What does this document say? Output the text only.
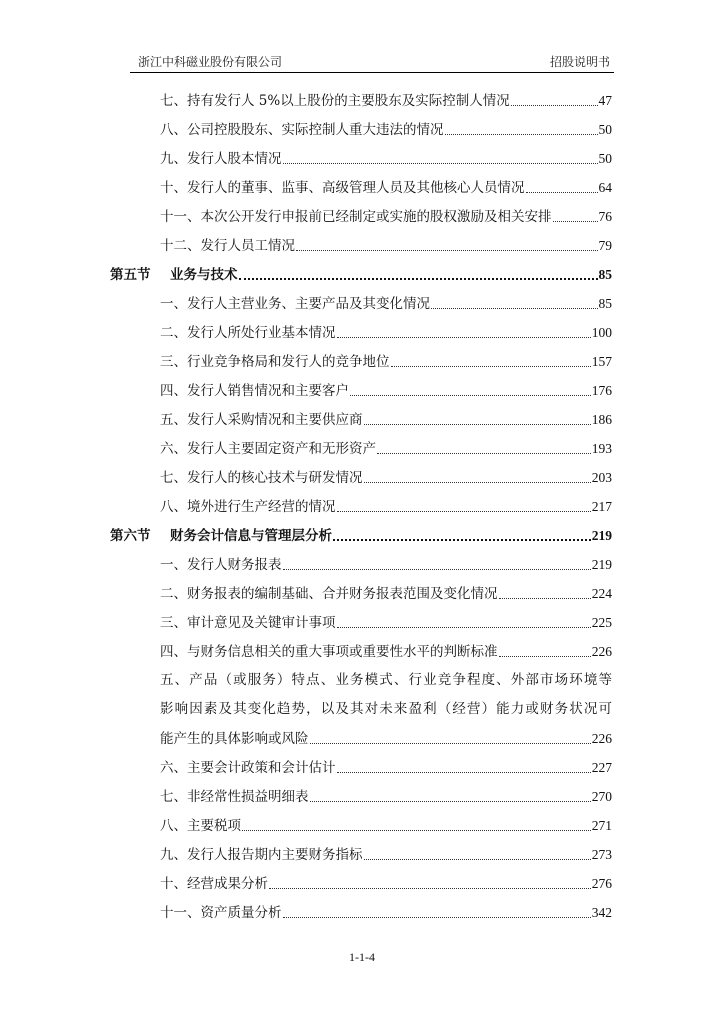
浙江中科磁业股份有限公司	招股说明书
七、持有发行人 5%以上股份的主要股东及实际控制人情况	47
八、公司控股股东、实际控制人重大违法的情况	50
九、发行人股本情况	50
十、发行人的董事、监事、高级管理人员及其他核心人员情况	64
十一、本次公开发行申报前已经制定或实施的股权激励及相关安排	76
十二、发行人员工情况	79
第五节	业务与技术	85
一、发行人主营业务、主要产品及其变化情况	85
二、发行人所处行业基本情况	100
三、行业竞争格局和发行人的竞争地位	157
四、发行人销售情况和主要客户	176
五、发行人采购情况和主要供应商	186
六、发行人主要固定资产和无形资产	193
七、发行人的核心技术与研发情况	203
八、境外进行生产经营的情况	217
第六节	财务会计信息与管理层分析	219
一、发行人财务报表	219
二、财务报表的编制基础、合并财务报表范围及变化情况	224
三、审计意见及关键审计事项	225
四、与财务信息相关的重大事项或重要性水平的判断标准	226
五、产品（或服务）特点、业务模式、行业竞争程度、外部市场环境等
影响因素及其变化趋势，以及其对未来盈利（经营）能力或财务状况可
能产生的具体影响或风险	226
六、主要会计政策和会计估计	227
七、非经常性损益明细表	270
八、主要税项	271
九、发行人报告期内主要财务指标	273
十、经营成果分析	276
十一、资产质量分析	342
1-1-4
